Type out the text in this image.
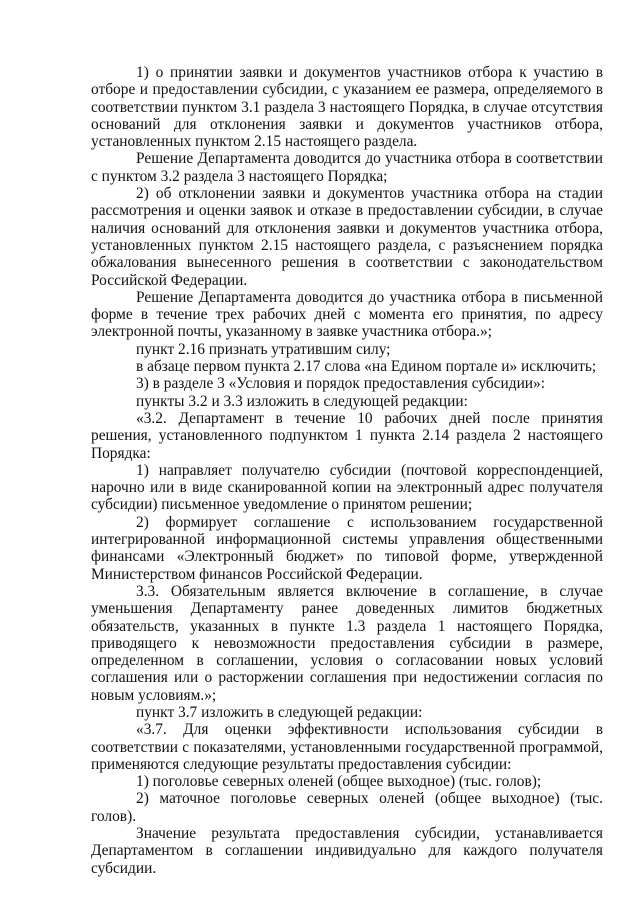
1) о принятии заявки и документов участников отбора к участию в отборе и предоставлении субсидии, с указанием ее размера, определяемого в соответствии пунктом 3.1 раздела 3 настоящего Порядка, в случае отсутствия оснований для отклонения заявки и документов участников отбора, установленных пунктом 2.15 настоящего раздела.

Решение Департамента доводится до участника отбора в соответствии с пунктом 3.2 раздела 3 настоящего Порядка;

2) об отклонении заявки и документов участника отбора на стадии рассмотрения и оценки заявок и отказе в предоставлении субсидии, в случае наличия оснований для отклонения заявки и документов участника отбора, установленных пунктом 2.15 настоящего раздела, с разъяснением порядка обжалования вынесенного решения в соответствии с законодательством Российской Федерации.

Решение Департамента доводится до участника отбора в письменной форме в течение трех рабочих дней с момента его принятия, по адресу электронной почты, указанному в заявке участника отбора.»;

пункт 2.16 признать утратившим силу;

в абзаце первом пункта 2.17 слова «на Едином портале и» исключить;

3) в разделе 3 «Условия и порядок предоставления субсидии»:

пункты 3.2 и 3.3 изложить в следующей редакции:

«3.2. Департамент в течение 10 рабочих дней после принятия решения, установленного подпунктом 1 пункта 2.14 раздела 2 настоящего Порядка:

1) направляет получателю субсидии (почтовой корреспонденцией, нарочно или в виде сканированной копии на электронный адрес получателя субсидии) письменное уведомление о принятом решении;

2) формирует соглашение с использованием государственной интегрированной информационной системы управления общественными финансами «Электронный бюджет» по типовой форме, утвержденной Министерством финансов Российской Федерации.

3.3. Обязательным является включение в соглашение, в случае уменьшения Департаменту ранее доведенных лимитов бюджетных обязательств, указанных в пункте 1.3 раздела 1 настоящего Порядка, приводящего к невозможности предоставления субсидии в размере, определенном в соглашении, условия о согласовании новых условий соглашения или о расторжении соглашения при недостижении согласия по новым условиям.»;

пункт 3.7 изложить в следующей редакции:

«3.7. Для оценки эффективности использования субсидии в соответствии с показателями, установленными государственной программой, применяются следующие результаты предоставления субсидии:

1) поголовье северных оленей (общее выходное) (тыс. голов);

2) маточное поголовье северных оленей (общее выходное) (тыс. голов).

Значение результата предоставления субсидии, устанавливается Департаментом в соглашении индивидуально для каждого получателя субсидии.
